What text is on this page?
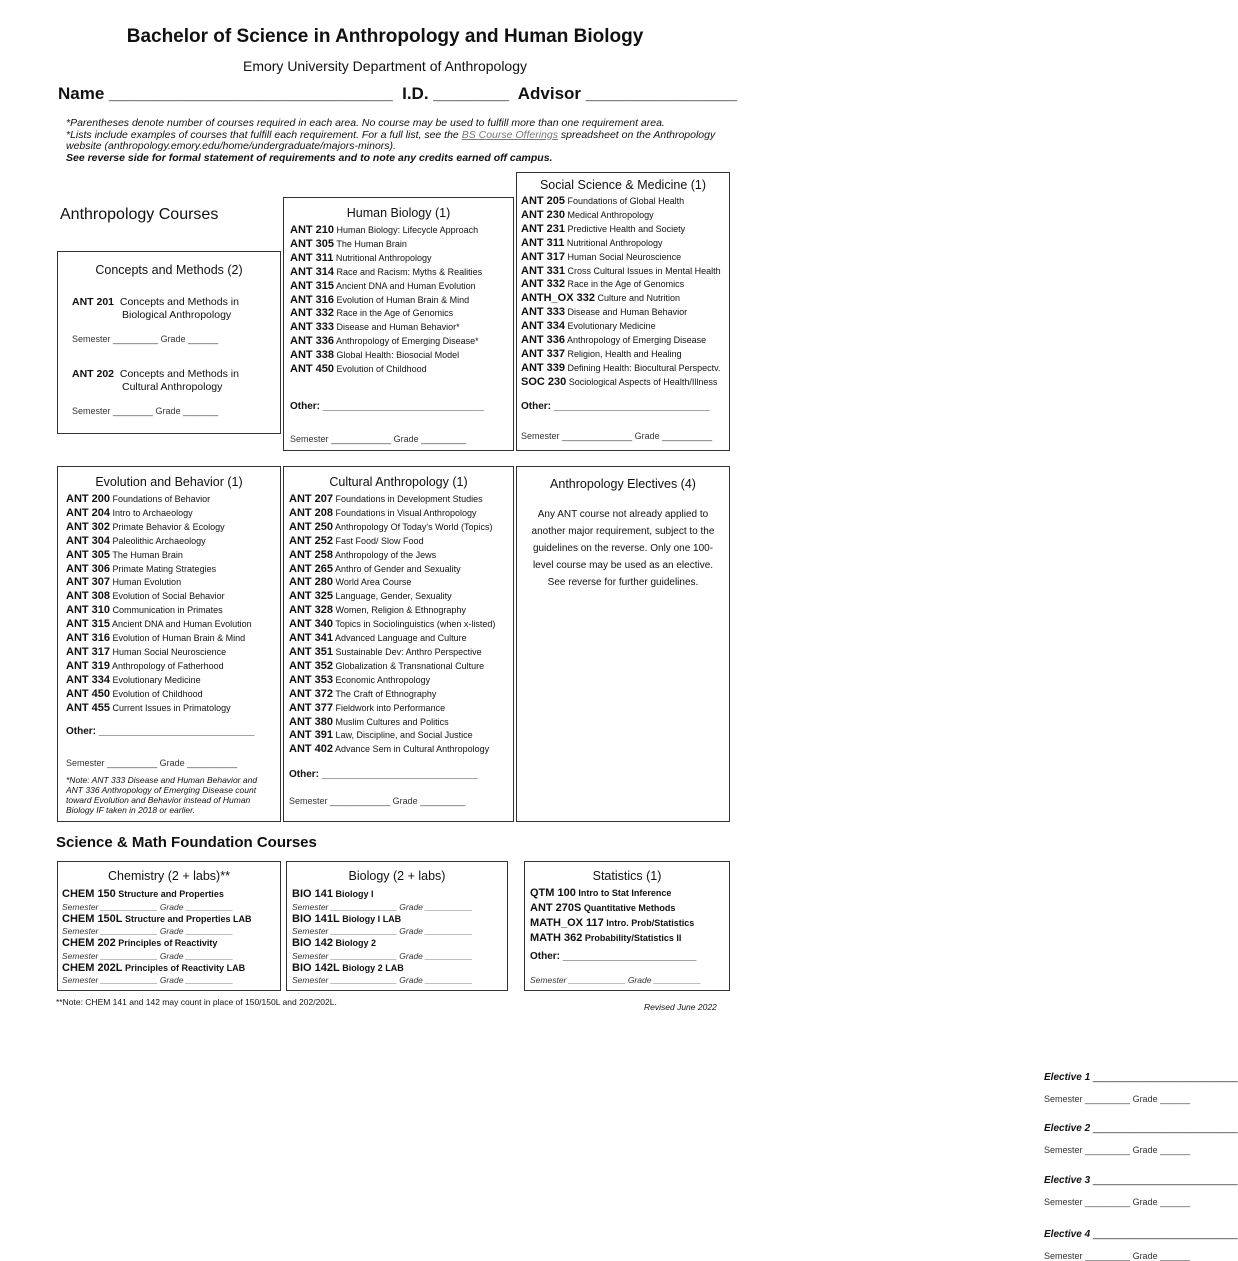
Bachelor of Science in Anthropology and Human Biology
Emory University Department of Anthropology
Name ______________________________  I.D. ________  Advisor ________________
*Parentheses denote number of courses required in each area. No course may be used to fulfill more than one requirement area.
*Lists include examples of courses that fulfill each requirement. For a full list, see the BS Course Offerings spreadsheet on the Anthropology website (anthropology.emory.edu/home/undergraduate/majors-minors).
See reverse side for formal statement of requirements and to note any credits earned off campus.
Anthropology Courses
Concepts and Methods (2)
ANT 201 Concepts and Methods in
Biological Anthropology
Semester _________ Grade ______
ANT 202 Concepts and Methods in
Cultural Anthropology
Semester ________ Grade _______
Human Biology (1)
ANT 210 Human Biology: Lifecycle Approach
ANT 305 The Human Brain
ANT 311 Nutritional Anthropology
ANT 314 Race and Racism: Myths & Realities
ANT 315 Ancient DNA and Human Evolution
ANT 316 Evolution of Human Brain & Mind
ANT 332 Race in the Age of Genomics
ANT 333 Disease and Human Behavior*
ANT 336 Anthropology of Emerging Disease*
ANT 338 Global Health: Biosocial Model
ANT 450 Evolution of Childhood
Other: _____________________________
Semester ____________ Grade _________
Social Science & Medicine (1)
ANT 205 Foundations of Global Health
ANT 230 Medical Anthropology
ANT 231 Predictive Health and Society
ANT 311 Nutritional Anthropology
ANT 317 Human Social Neuroscience
ANT 331 Cross Cultural Issues in Mental Health
ANT 332 Race in the Age of Genomics
ANTH_OX 332 Culture and Nutrition
ANT 333 Disease and Human Behavior
ANT 334 Evolutionary Medicine
ANT 336 Anthropology of Emerging Disease
ANT 337 Religion, Health and Healing
ANT 339 Defining Health: Biocultural Perspectv.
SOC 230 Sociological Aspects of Health/Illness
Other: ____________________________
Semester ______________ Grade __________
Evolution and Behavior (1)
ANT 200 Foundations of Behavior
ANT 204 Intro to Archaeology
ANT 302 Primate Behavior & Ecology
ANT 304 Paleolithic Archaeology
ANT 305 The Human Brain
ANT 306 Primate Mating Strategies
ANT 307 Human Evolution
ANT 308 Evolution of Social Behavior
ANT 310 Communication in Primates
ANT 315 Ancient DNA and Human Evolution
ANT 316 Evolution of Human Brain & Mind
ANT 317 Human Social Neuroscience
ANT 319 Anthropology of Fatherhood
ANT 334 Evolutionary Medicine
ANT 450 Evolution of Childhood
ANT 455 Current Issues in Primatology
Other: ____________________________
Semester __________ Grade __________
*Note: ANT 333 Disease and Human Behavior and ANT 336 Anthropology of Emerging Disease count toward Evolution and Behavior instead of Human Biology IF taken in 2018 or earlier.
Cultural Anthropology (1)
ANT 207 Foundations in Development Studies
ANT 208 Foundations in Visual Anthropology
ANT 250 Anthropology Of Today's World (Topics)
ANT 252 Fast Food/ Slow Food
ANT 258 Anthropology of the Jews
ANT 265 Anthro of Gender and Sexuality
ANT 280 World Area Course
ANT 325 Language, Gender, Sexuality
ANT 328 Women, Religion & Ethnography
ANT 340 Topics in Sociolinguistics (when x-listed)
ANT 341 Advanced Language and Culture
ANT 351 Sustainable Dev: Anthro Perspective
ANT 352 Globalization & Transnational Culture
ANT 353 Economic Anthropology
ANT 372 The Craft of Ethnography
ANT 377 Fieldwork into Performance
ANT 380 Muslim Cultures and Politics
ANT 391 Law, Discipline, and Social Justice
ANT 402 Advance Sem in Cultural Anthropology
Other: ____________________________
Semester ____________ Grade _________
Anthropology Electives (4)
Any ANT course not already applied to
another major requirement, subject to the
guidelines on the reverse. Only one 100-
level course may be used as an elective.
See reverse for further guidelines.
Elective 1 __________________________
Semester _________ Grade ______
Elective 2 __________________________
Semester _________ Grade ______
Elective 3 __________________________
Semester _________ Grade ______
Elective 4 __________________________
Semester _________ Grade ______
Science & Math Foundation Courses
Chemistry (2 + labs)**
CHEM 150 Structure and Properties
Semester ____________ Grade __________
CHEM 150L Structure and Properties LAB
Semester ____________ Grade __________
CHEM 202 Principles of Reactivity
Semester ____________ Grade __________
CHEM 202L Principles of Reactivity LAB
Semester ____________ Grade __________
Biology (2 + labs)
BIO 141 Biology I
Semester ______________ Grade __________
BIO 141L Biology I LAB
Semester ______________ Grade __________
BIO 142 Biology 2
Semester ______________ Grade __________
BIO 142L Biology 2 LAB
Semester ______________ Grade __________
Statistics (1)
QTM 100 Intro to Stat Inference
ANT 270S Quantitative Methods
MATH_OX 117 Intro. Prob/Statistics
MATH 362 Probability/Statistics II
Other: ________________________
Semester ____________ Grade __________
**Note: CHEM 141 and 142 may count in place of 150/150L and 202/202L.	Revised June 2022
